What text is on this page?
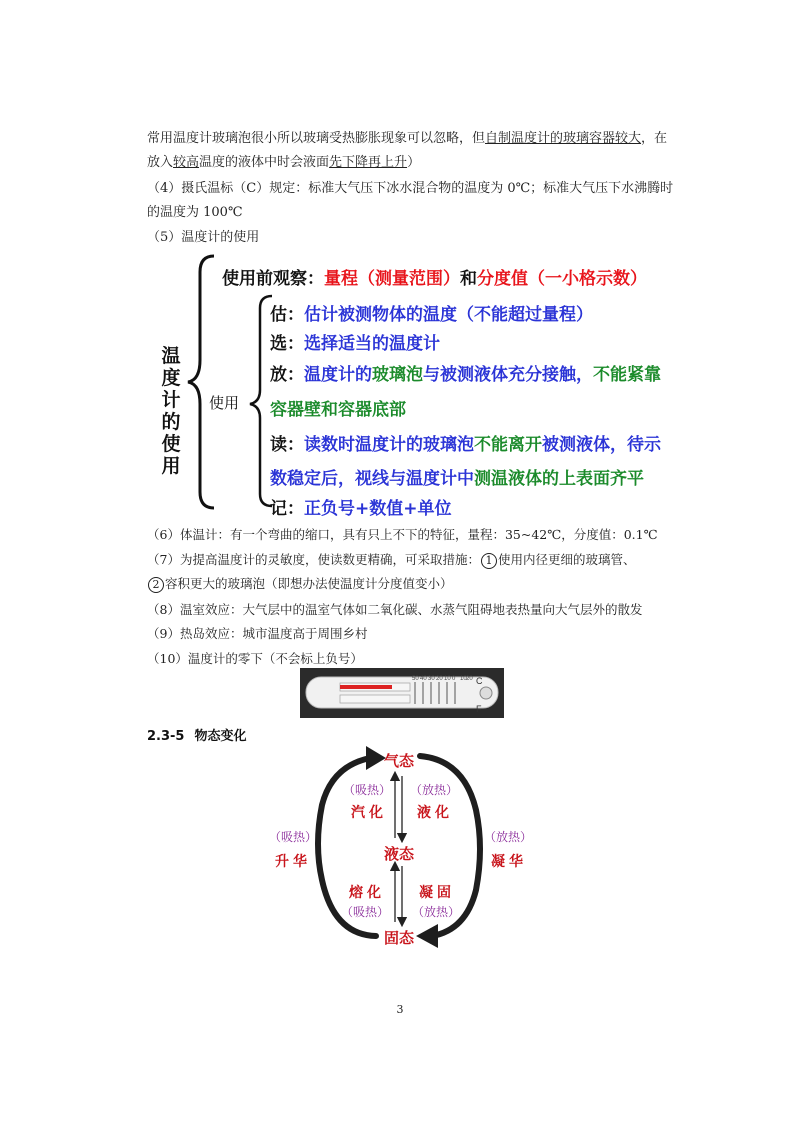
常用温度计玻璃泡很小所以玻璃受热膨胀现象可以忽略，但自制温度计的玻璃容器较大，在
放入较高温度的液体中时会液面先下降再上升）
（4）摄氏温标（C）规定：标准大气压下冰水混合物的温度为 0℃；标准大气压下水沸腾时
的温度为 100℃
（5）温度计的使用
温
度
计
的
使
用
使用前观察：量程（测量范围）和分度值（一小格示数）
使用
估：估计被测物体的温度（不能超过量程）
选：选择适当的温度计
放：温度计的玻璃泡与被测液体充分接触，不能紧靠
容器壁和容器底部
读：读数时温度计的玻璃泡不能离开被测液体，待示
数稳定后，视线与温度计中测温液体的上表面齐平
记：正负号+数值+单位
（6）体温计：有一个弯曲的缩口，具有只上不下的特征，量程：35~42℃，分度值：0.1℃
（7）为提高温度计的灵敏度，使读数更精确，可采取措施： 1 使用内径更细的玻璃管、
2 容积更大的玻璃泡（即想办法使温度计分度值变小）
（8）温室效应：大气层中的温室气体如二氧化碳、水蒸气阻碍地表热量向大气层外的散发
（9）热岛效应：城市温度高于周围乡村
（10）温度计的零下（不会标上负号）
C
F
50 40 30 20 10 0 10 20
2.3-5 物态变化
气态
液态
固态
（吸热）
汽化
（放热）
液化
（吸热）
升华
（放热）
凝华
熔化
（吸热）
凝固
（放热）
3
